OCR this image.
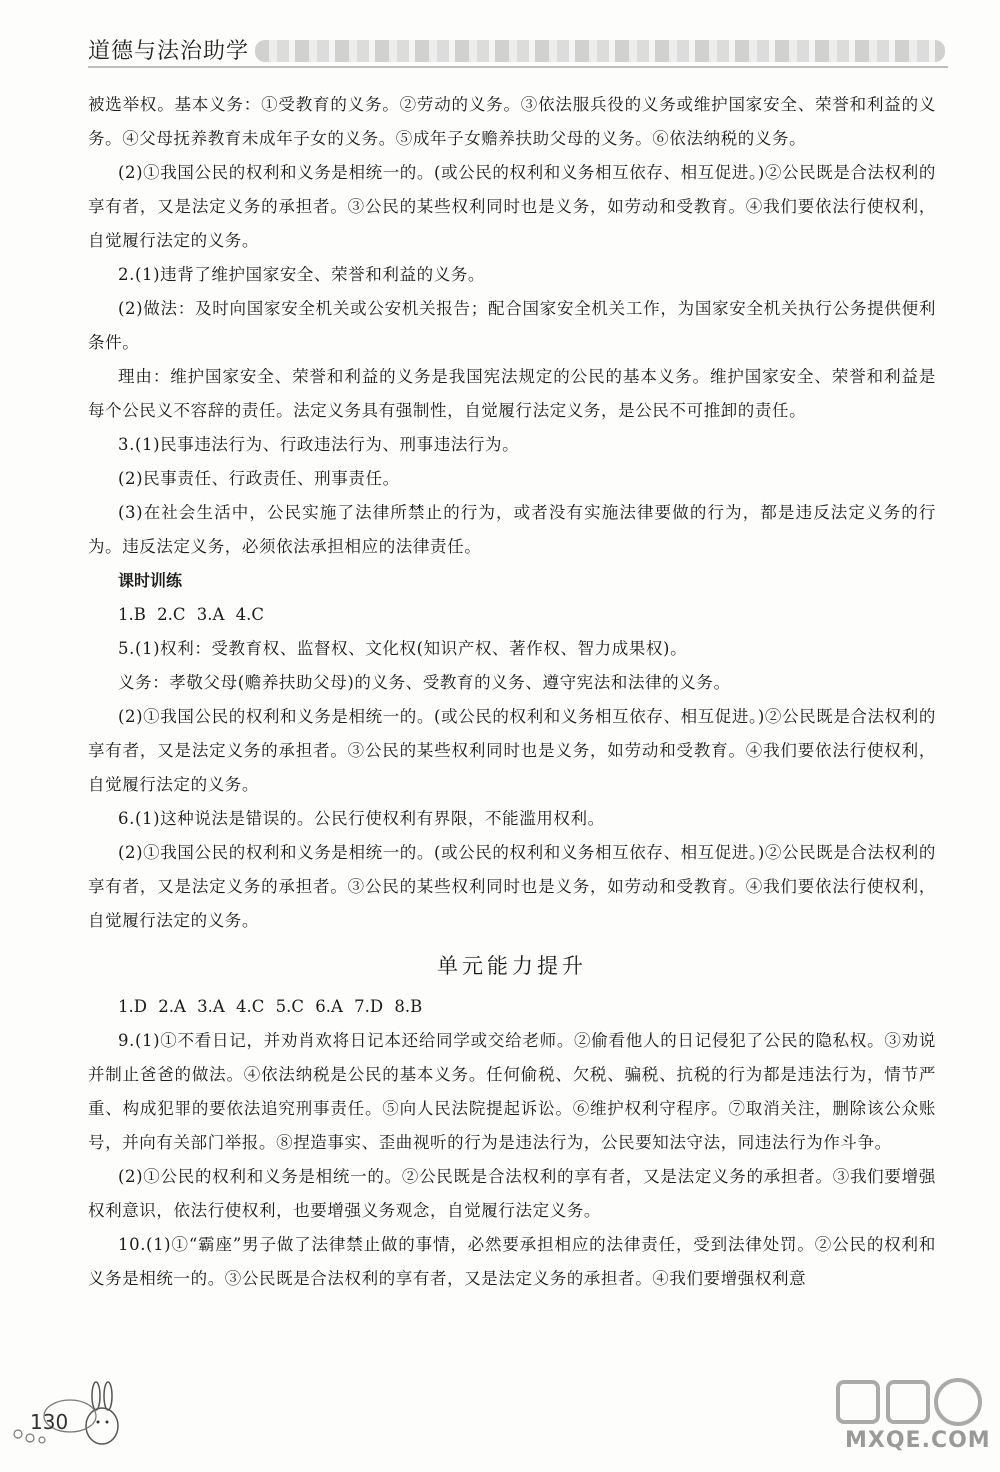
道德与法治助学

被选举权。基本义务：①受教育的义务。②劳动的义务。③依法服兵役的义务或维护国家安全、荣誉和利益的义务。④父母抚养教育未成年子女的义务。⑤成年子女赡养扶助父母的义务。⑥依法纳税的义务。

(2)①我国公民的权利和义务是相统一的。(或公民的权利和义务相互依存、相互促进。)②公民既是合法权利的享有者，又是法定义务的承担者。③公民的某些权利同时也是义务，如劳动和受教育。④我们要依法行使权利，自觉履行法定的义务。

2.(1)违背了维护国家安全、荣誉和利益的义务。

(2)做法：及时向国家安全机关或公安机关报告；配合国家安全机关工作，为国家安全机关执行公务提供便利条件。

理由：维护国家安全、荣誉和利益的义务是我国宪法规定的公民的基本义务。维护国家安全、荣誉和利益是每个公民义不容辞的责任。法定义务具有强制性，自觉履行法定义务，是公民不可推卸的责任。

3.(1)民事违法行为、行政违法行为、刑事违法行为。

(2)民事责任、行政责任、刑事责任。

(3)在社会生活中，公民实施了法律所禁止的行为，或者没有实施法律要做的行为，都是违反法定义务的行为。违反法定义务，必须依法承担相应的法律责任。

课时训练

1.B 2.C 3.A 4.C

5.(1)权利：受教育权、监督权、文化权(知识产权、著作权、智力成果权)。

义务：孝敬父母(赡养扶助父母)的义务、受教育的义务、遵守宪法和法律的义务。

(2)①我国公民的权利和义务是相统一的。(或公民的权利和义务相互依存、相互促进。)②公民既是合法权利的享有者，又是法定义务的承担者。③公民的某些权利同时也是义务，如劳动和受教育。④我们要依法行使权利，自觉履行法定的义务。

6.(1)这种说法是错误的。公民行使权利有界限，不能滥用权利。

(2)①我国公民的权利和义务是相统一的。(或公民的权利和义务相互依存、相互促进。)②公民既是合法权利的享有者，又是法定义务的承担者。③公民的某些权利同时也是义务，如劳动和受教育。④我们要依法行使权利，自觉履行法定的义务。

单元能力提升

1.D 2.A 3.A 4.C 5.C 6.A 7.D 8.B

9.(1)①不看日记，并劝肖欢将日记本还给同学或交给老师。②偷看他人的日记侵犯了公民的隐私权。③劝说并制止爸爸的做法。④依法纳税是公民的基本义务。任何偷税、欠税、骗税、抗税的行为都是违法行为，情节严重、构成犯罪的要依法追究刑事责任。⑤向人民法院提起诉讼。⑥维护权利守程序。⑦取消关注，删除该公众账号，并向有关部门举报。⑧捏造事实、歪曲视听的行为是违法行为，公民要知法守法，同违法行为作斗争。

(2)①公民的权利和义务是相统一的。②公民既是合法权利的享有者，又是法定义务的承担者。③我们要增强权利意识，依法行使权利，也要增强义务观念，自觉履行法定义务。

10.(1)①“霸座”男子做了法律禁止做的事情，必然要承担相应的法律责任，受到法律处罚。②公民的权利和义务是相统一的。③公民既是合法权利的享有者，又是法定义务的承担者。④我们要增强权利意

130
MXQE.COM
